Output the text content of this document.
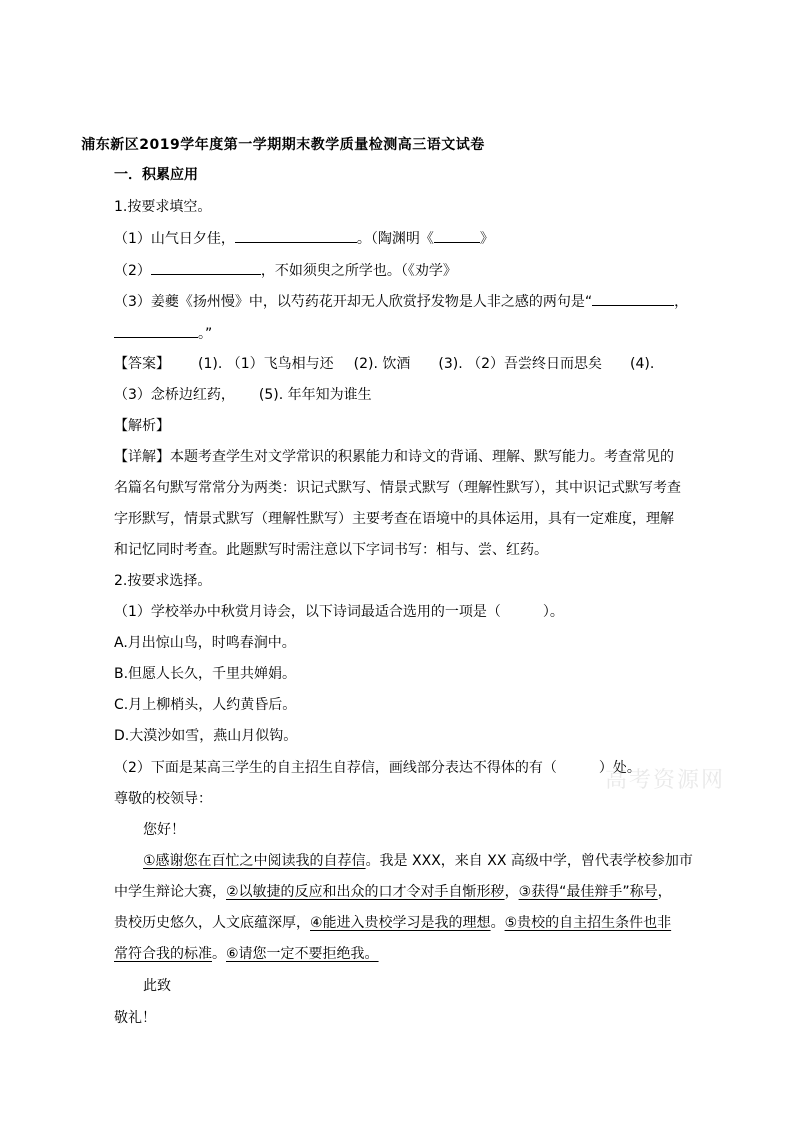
高考资源网
浦东新区2019学年度第一学期期末教学质量检测高三语文试卷
一．积累应用
1.按要求填空。
（1）山气日夕佳，	。（陶渊明《	》
（2）	，不如须臾之所学也。（《劝学》
（3）姜夔《扬州慢》中，以芍药花开却无人欣赏抒发物是人非之感的两句是“	，
。”
【答案】 (1). （1）飞鸟相与还 (2). 饮酒 (3). （2）吾尝终日而思矣 (4).
（3）念桥边红药， (5). 年年知为谁生
【解析】
【详解】本题考查学生对文学常识的积累能力和诗文的背诵、理解、默写能力。考查常见的
名篇名句默写常常分为两类：识记式默写、情景式默写（理解性默写），其中识记式默写考查
字形默写，情景式默写（理解性默写）主要考查在语境中的具体运用，具有一定难度，理解
和记忆同时考查。此题默写时需注意以下字词书写：相与、尝、红药。
2.按要求选择。
（1）学校举办中秋赏月诗会，以下诗词最适合选用的一项是（　　　）。
A.月出惊山鸟，时鸣春涧中。
B.但愿人长久，千里共婵娟。
C.月上柳梢头，人约黄昏后。
D.大漠沙如雪，燕山月似钩。
（2）下面是某高三学生的自主招生自荐信，画线部分表达不得体的有（　　　）处。
尊敬的校领导：
您好！
①感谢您在百忙之中阅读我的自荐信。我是 XXX，来自 XX 高级中学，曾代表学校参加市
中学生辩论大赛，②以敏捷的反应和出众的口才令对手自惭形秽，③获得“最佳辩手”称号，
贵校历史悠久，人文底蕴深厚，④能进入贵校学习是我的理想。⑤贵校的自主招生条件也非
常符合我的标准。⑥请您一定不要拒绝我。
此致
敬礼！
